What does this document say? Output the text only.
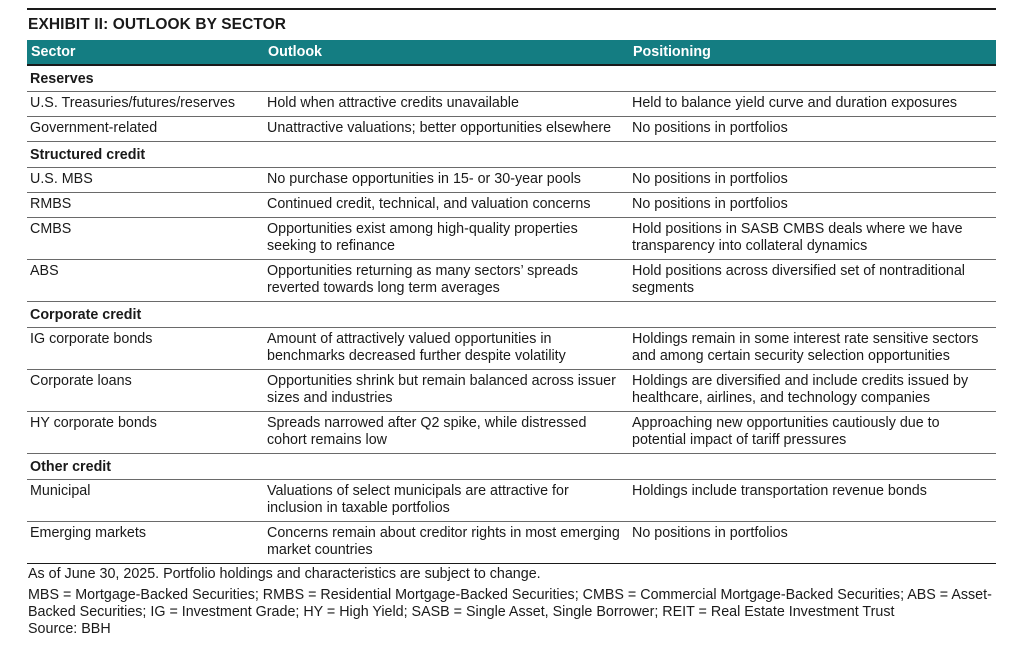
EXHIBIT II: OUTLOOK BY SECTOR
Sector	Outlook	Positioning
Reserves		
U.S. Treasuries/futures/reserves	Hold when attractive credits unavailable	Held to balance yield curve and duration exposures
Government-related	Unattractive valuations; better opportunities elsewhere	No positions in portfolios
Structured credit		
U.S. MBS	No purchase opportunities in 15- or 30-year pools	No positions in portfolios
RMBS	Continued credit, technical, and valuation concerns	No positions in portfolios
CMBS	Opportunities exist among high-quality properties seeking to refinance	Hold positions in SASB CMBS deals where we have transparency into collateral dynamics
ABS	Opportunities returning as many sectors’ spreads reverted towards long term averages	Hold positions across diversified set of nontraditional segments
Corporate credit		
IG corporate bonds	Amount of attractively valued opportunities in benchmarks decreased further despite volatility	Holdings remain in some interest rate sensitive sectors and among certain security selection opportunities
Corporate loans	Opportunities shrink but remain balanced across issuer sizes and industries	Holdings are diversified and include credits issued by healthcare, airlines, and technology companies
HY corporate bonds	Spreads narrowed after Q2 spike, while distressed cohort remains low	Approaching new opportunities cautiously due to potential impact of tariff pressures
Other credit		
Municipal	Valuations of select municipals are attractive for inclusion in taxable portfolios	Holdings include transportation revenue bonds
Emerging markets	Concerns remain about creditor rights in most emerging market countries	No positions in portfolios
As of June 30, 2025. Portfolio holdings and characteristics are subject to change.
MBS = Mortgage-Backed Securities; RMBS = Residential Mortgage-Backed Securities; CMBS = Commercial Mortgage-Backed Securities; ABS = Asset-Backed Securities; IG = Investment Grade; HY = High Yield; SASB = Single Asset, Single Borrower; REIT = Real Estate Investment Trust
Source: BBH
